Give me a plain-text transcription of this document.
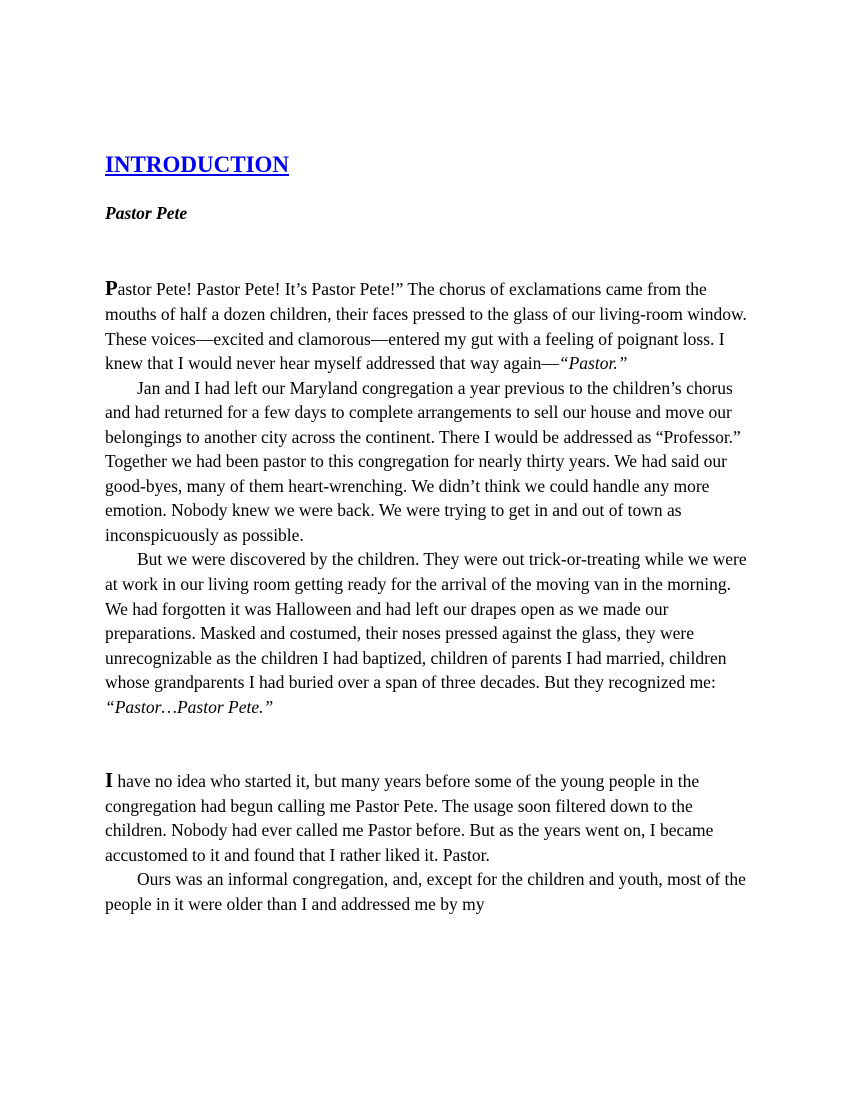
INTRODUCTION
Pastor Pete

Pastor Pete! Pastor Pete! It’s Pastor Pete!” The chorus of exclamations came from the mouths of half a dozen children, their faces pressed to the glass of our living-room window. These voices—excited and clamorous—entered my gut with a feeling of poignant loss. I knew that I would never hear myself addressed that way again—“Pastor.”

Jan and I had left our Maryland congregation a year previous to the children’s chorus and had returned for a few days to complete arrangements to sell our house and move our belongings to another city across the continent. There I would be addressed as “Professor.” Together we had been pastor to this congregation for nearly thirty years. We had said our good-byes, many of them heart-wrenching. We didn’t think we could handle any more emotion. Nobody knew we were back. We were trying to get in and out of town as inconspicuously as possible.

But we were discovered by the children. They were out trick-or-treating while we were at work in our living room getting ready for the arrival of the moving van in the morning. We had forgotten it was Halloween and had left our drapes open as we made our preparations. Masked and costumed, their noses pressed against the glass, they were unrecognizable as the children I had baptized, children of parents I had married, children whose grandparents I had buried over a span of three decades. But they recognized me: “Pastor…Pastor Pete.”

I have no idea who started it, but many years before some of the young people in the congregation had begun calling me Pastor Pete. The usage soon filtered down to the children. Nobody had ever called me Pastor before. But as the years went on, I became accustomed to it and found that I rather liked it. Pastor.

Ours was an informal congregation, and, except for the children and youth, most of the people in it were older than I and addressed me by my
